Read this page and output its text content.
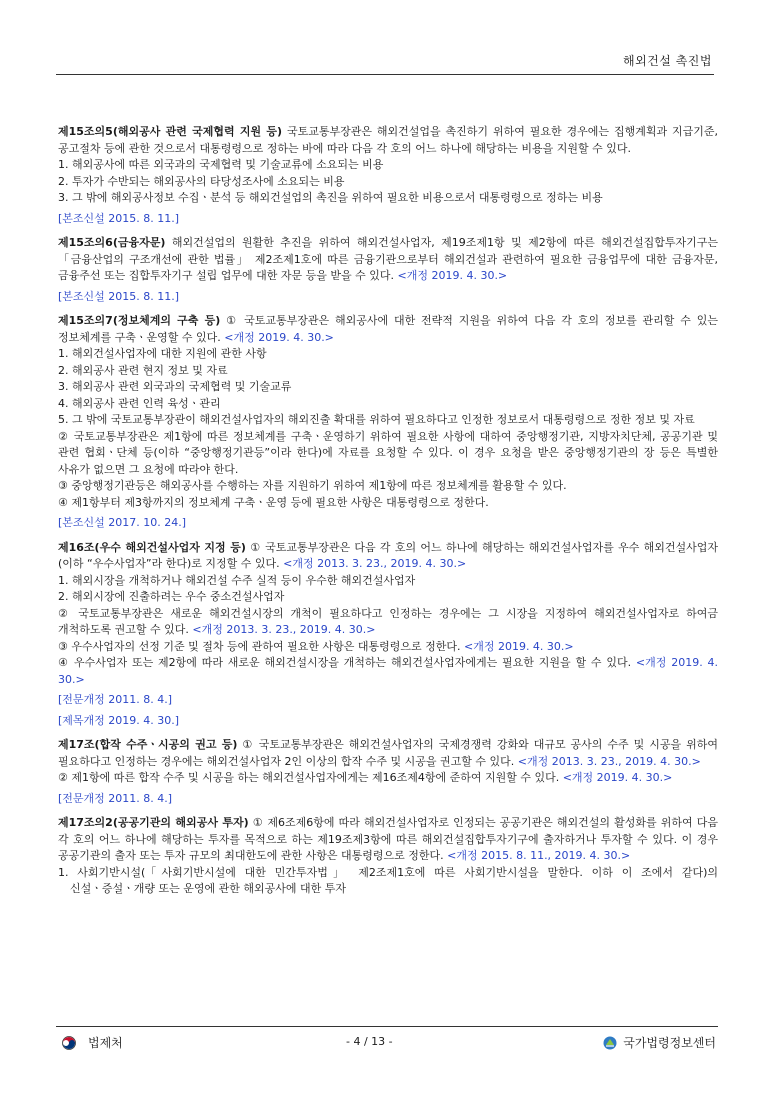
해외건설 촉진법

제15조의5(해외공사 관련 국제협력 지원 등) 국토교통부장관은 해외건설업을 촉진하기 위하여 필요한 경우에는 집행계획과 지급기준, 공고절차 등에 관한 것으로서 대통령령으로 정하는 바에 따라 다음 각 호의 어느 하나에 해당하는 비용을 지원할 수 있다.

1. 해외공사에 따른 외국과의 국제협력 및 기술교류에 소요되는 비용

2. 투자가 수반되는 해외공사의 타당성조사에 소요되는 비용

3. 그 밖에 해외공사정보 수집ㆍ분석 등 해외건설업의 촉진을 위하여 필요한 비용으로서 대통령령으로 정하는 비용

[본조신설 2015. 8. 11.]

제15조의6(금융자문) 해외건설업의 원활한 추진을 위하여 해외건설사업자, 제19조제1항 및 제2항에 따른 해외건설집합투자기구는 「금융산업의 구조개선에 관한 법률」 제2조제1호에 따른 금융기관으로부터 해외건설과 관련하여 필요한 금융업무에 대한 금융자문, 금융주선 또는 집합투자기구 설립 업무에 대한 자문 등을 받을 수 있다. <개정 2019. 4. 30.>

[본조신설 2015. 8. 11.]

제15조의7(정보체계의 구축 등) ① 국토교통부장관은 해외공사에 대한 전략적 지원을 위하여 다음 각 호의 정보를 관리할 수 있는 정보체계를 구축ㆍ운영할 수 있다. <개정 2019. 4. 30.>

1. 해외건설사업자에 대한 지원에 관한 사항

2. 해외공사 관련 현지 정보 및 자료

3. 해외공사 관련 외국과의 국제협력 및 기술교류

4. 해외공사 관련 인력 육성ㆍ관리

5. 그 밖에 국토교통부장관이 해외건설사업자의 해외진출 확대를 위하여 필요하다고 인정한 정보로서 대통령령으로 정한 정보 및 자료

② 국토교통부장관은 제1항에 따른 정보체계를 구축ㆍ운영하기 위하여 필요한 사항에 대하여 중앙행정기관, 지방자치단체, 공공기관 및 관련 협회ㆍ단체 등(이하 “중앙행정기관등”이라 한다)에 자료를 요청할 수 있다. 이 경우 요청을 받은 중앙행정기관의 장 등은 특별한 사유가 없으면 그 요청에 따라야 한다.

③ 중앙행정기관등은 해외공사를 수행하는 자를 지원하기 위하여 제1항에 따른 정보체계를 활용할 수 있다.

④ 제1항부터 제3항까지의 정보체계 구축ㆍ운영 등에 필요한 사항은 대통령령으로 정한다.

[본조신설 2017. 10. 24.]

제16조(우수 해외건설사업자 지정 등) ① 국토교통부장관은 다음 각 호의 어느 하나에 해당하는 해외건설사업자를 우수 해외건설사업자(이하 “우수사업자”라 한다)로 지정할 수 있다. <개정 2013. 3. 23., 2019. 4. 30.>

1. 해외시장을 개척하거나 해외건설 수주 실적 등이 우수한 해외건설사업자

2. 해외시장에 진출하려는 우수 중소건설사업자

② 국토교통부장관은 새로운 해외건설시장의 개척이 필요하다고 인정하는 경우에는 그 시장을 지정하여 해외건설사업자로 하여금 개척하도록 권고할 수 있다. <개정 2013. 3. 23., 2019. 4. 30.>

③ 우수사업자의 선정 기준 및 절차 등에 관하여 필요한 사항은 대통령령으로 정한다. <개정 2019. 4. 30.>

④ 우수사업자 또는 제2항에 따라 새로운 해외건설시장을 개척하는 해외건설사업자에게는 필요한 지원을 할 수 있다. <개정 2019. 4. 30.>

[전문개정 2011. 8. 4.]
[제목개정 2019. 4. 30.]

제17조(합작 수주ㆍ시공의 권고 등) ① 국토교통부장관은 해외건설사업자의 국제경쟁력 강화와 대규모 공사의 수주 및 시공을 위하여 필요하다고 인정하는 경우에는 해외건설사업자 2인 이상의 합작 수주 및 시공을 권고할 수 있다. <개정 2013. 3. 23., 2019. 4. 30.>

② 제1항에 따른 합작 수주 및 시공을 하는 해외건설사업자에게는 제16조제4항에 준하여 지원할 수 있다. <개정 2019. 4. 30.>

[전문개정 2011. 8. 4.]

제17조의2(공공기관의 해외공사 투자) ① 제6조제6항에 따라 해외건설사업자로 인정되는 공공기관은 해외건설의 활성화를 위하여 다음 각 호의 어느 하나에 해당하는 투자를 목적으로 하는 제19조제3항에 따른 해외건설집합투자기구에 출자하거나 투자할 수 있다. 이 경우 공공기관의 출자 또는 투자 규모의 최대한도에 관한 사항은 대통령령으로 정한다. <개정 2015. 8. 11., 2019. 4. 30.>

1. 사회기반시설(「사회기반시설에 대한 민간투자법」 제2조제1호에 따른 사회기반시설을 말한다. 이하 이 조에서 같다)의 신설ㆍ증설ㆍ개량 또는 운영에 관한 해외공사에 대한 투자

법제처	- 4 / 13 -	국가법령정보센터
